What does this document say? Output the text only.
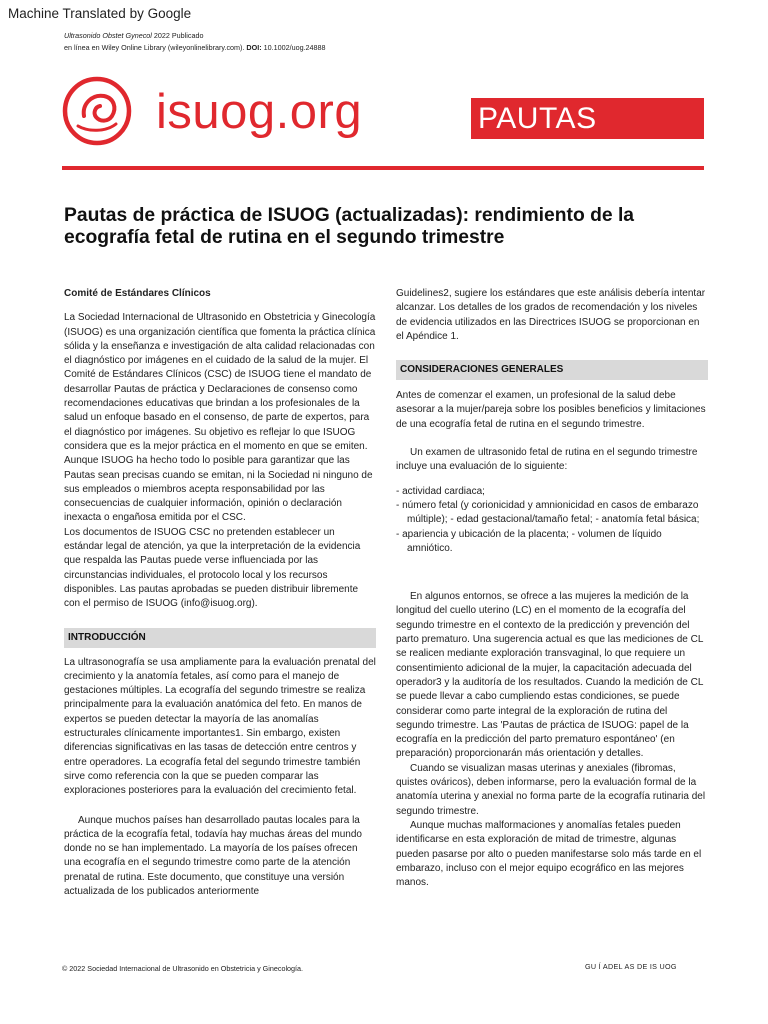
Machine Translated by Google
Ultrasonido Obstet Gynecol 2022 Publicado
en línea en Wiley Online Library (wileyonlinelibrary.com). DOI: 10.1002/uog.24888
isuog.org	PAUTAS
Pautas de práctica de ISUOG (actualizadas): rendimiento de la ecografía fetal de rutina en el segundo trimestre

Comité de Estándares Clínicos

La Sociedad Internacional de Ultrasonido en Obstetricia y Ginecología (ISUOG) es una organización científica que fomenta la práctica clínica sólida y la enseñanza e investigación de alta calidad relacionadas con el diagnóstico por imágenes en el cuidado de la salud de la mujer. El Comité de Estándares Clínicos (CSC) de ISUOG tiene el mandato de desarrollar Pautas de práctica y Declaraciones de consenso como recomendaciones educativas que brindan a los profesionales de la salud un enfoque basado en el consenso, de parte de expertos, para el diagnóstico por imágenes. Su objetivo es reflejar lo que ISUOG considera que es la mejor práctica en el momento en que se emiten. Aunque ISUOG ha hecho todo lo posible para garantizar que las Pautas sean precisas cuando se emitan, ni la Sociedad ni ninguno de sus empleados o miembros acepta responsabilidad por las consecuencias de cualquier información, opinión o declaración inexacta o engañosa emitida por el CSC.

Los documentos de ISUOG CSC no pretenden establecer un estándar legal de atención, ya que la interpretación de la evidencia que respalda las Pautas puede verse influenciada por las circunstancias individuales, el protocolo local y los recursos disponibles. Las pautas aprobadas se pueden distribuir libremente con el permiso de ISUOG (info@isuog.org).

INTRODUCCIÓN

La ultrasonografía se usa ampliamente para la evaluación prenatal del crecimiento y la anatomía fetales, así como para el manejo de gestaciones múltiples. La ecografía del segundo trimestre se realiza principalmente para la evaluación anatómica del feto. En manos de expertos se pueden detectar la mayoría de las anomalías estructurales clínicamente importantes1. Sin embargo, existen diferencias significativas en las tasas de detección entre centros y entre operadores. La ecografía fetal del segundo trimestre también sirve como referencia con la que se pueden comparar las exploraciones posteriores para la evaluación del crecimiento fetal.

Aunque muchos países han desarrollado pautas locales para la práctica de la ecografía fetal, todavía hay muchas áreas del mundo donde no se han implementado. La mayoría de los países ofrecen una ecografía en el segundo trimestre como parte de la atención prenatal de rutina. Este documento, que constituye una versión actualizada de los publicados anteriormente

Guidelines2, sugiere los estándares que este análisis debería intentar alcanzar. Los detalles de los grados de recomendación y los niveles de evidencia utilizados en las Directrices ISUOG se proporcionan en el Apéndice 1.

CONSIDERACIONES GENERALES

Antes de comenzar el examen, un profesional de la salud debe asesorar a la mujer/pareja sobre los posibles beneficios y limitaciones de una ecografía fetal de rutina en el segundo trimestre.

Un examen de ultrasonido fetal de rutina en el segundo trimestre incluye una evaluación de lo siguiente:

- actividad cardiaca;

- número fetal (y corionicidad y amnionicidad en casos de embarazo múltiple); - edad gestacional/tamaño fetal; - anatomía fetal básica;

- apariencia y ubicación de la placenta; - volumen de líquido amniótico.

En algunos entornos, se ofrece a las mujeres la medición de la longitud del cuello uterino (LC) en el momento de la ecografía del segundo trimestre en el contexto de la predicción y prevención del parto prematuro. Una sugerencia actual es que las mediciones de CL se realicen mediante exploración transvaginal, lo que requiere un consentimiento adicional de la mujer, la capacitación adecuada del operador3 y la auditoría de los resultados. Cuando la medición de CL se puede llevar a cabo cumpliendo estas condiciones, se puede considerar como parte integral de la exploración de rutina del segundo trimestre. Las 'Pautas de práctica de ISUOG: papel de la ecografía en la predicción del parto prematuro espontáneo' (en preparación) proporcionarán más orientación y detalles.

Cuando se visualizan masas uterinas y anexiales (fibromas, quistes ováricos), deben informarse, pero la evaluación formal de la anatomía uterina y anexial no forma parte de la ecografía rutinaria del segundo trimestre.

Aunque muchas malformaciones y anomalías fetales pueden identificarse en esta exploración de mitad de trimestre, algunas pueden pasarse por alto o pueden manifestarse solo más tarde en el embarazo, incluso con el mejor equipo ecográfico en las mejores manos.

© 2022 Sociedad Internacional de Ultrasonido en Obstetricia y Ginecología.	GU Í ADEL AS DE IS UOG
